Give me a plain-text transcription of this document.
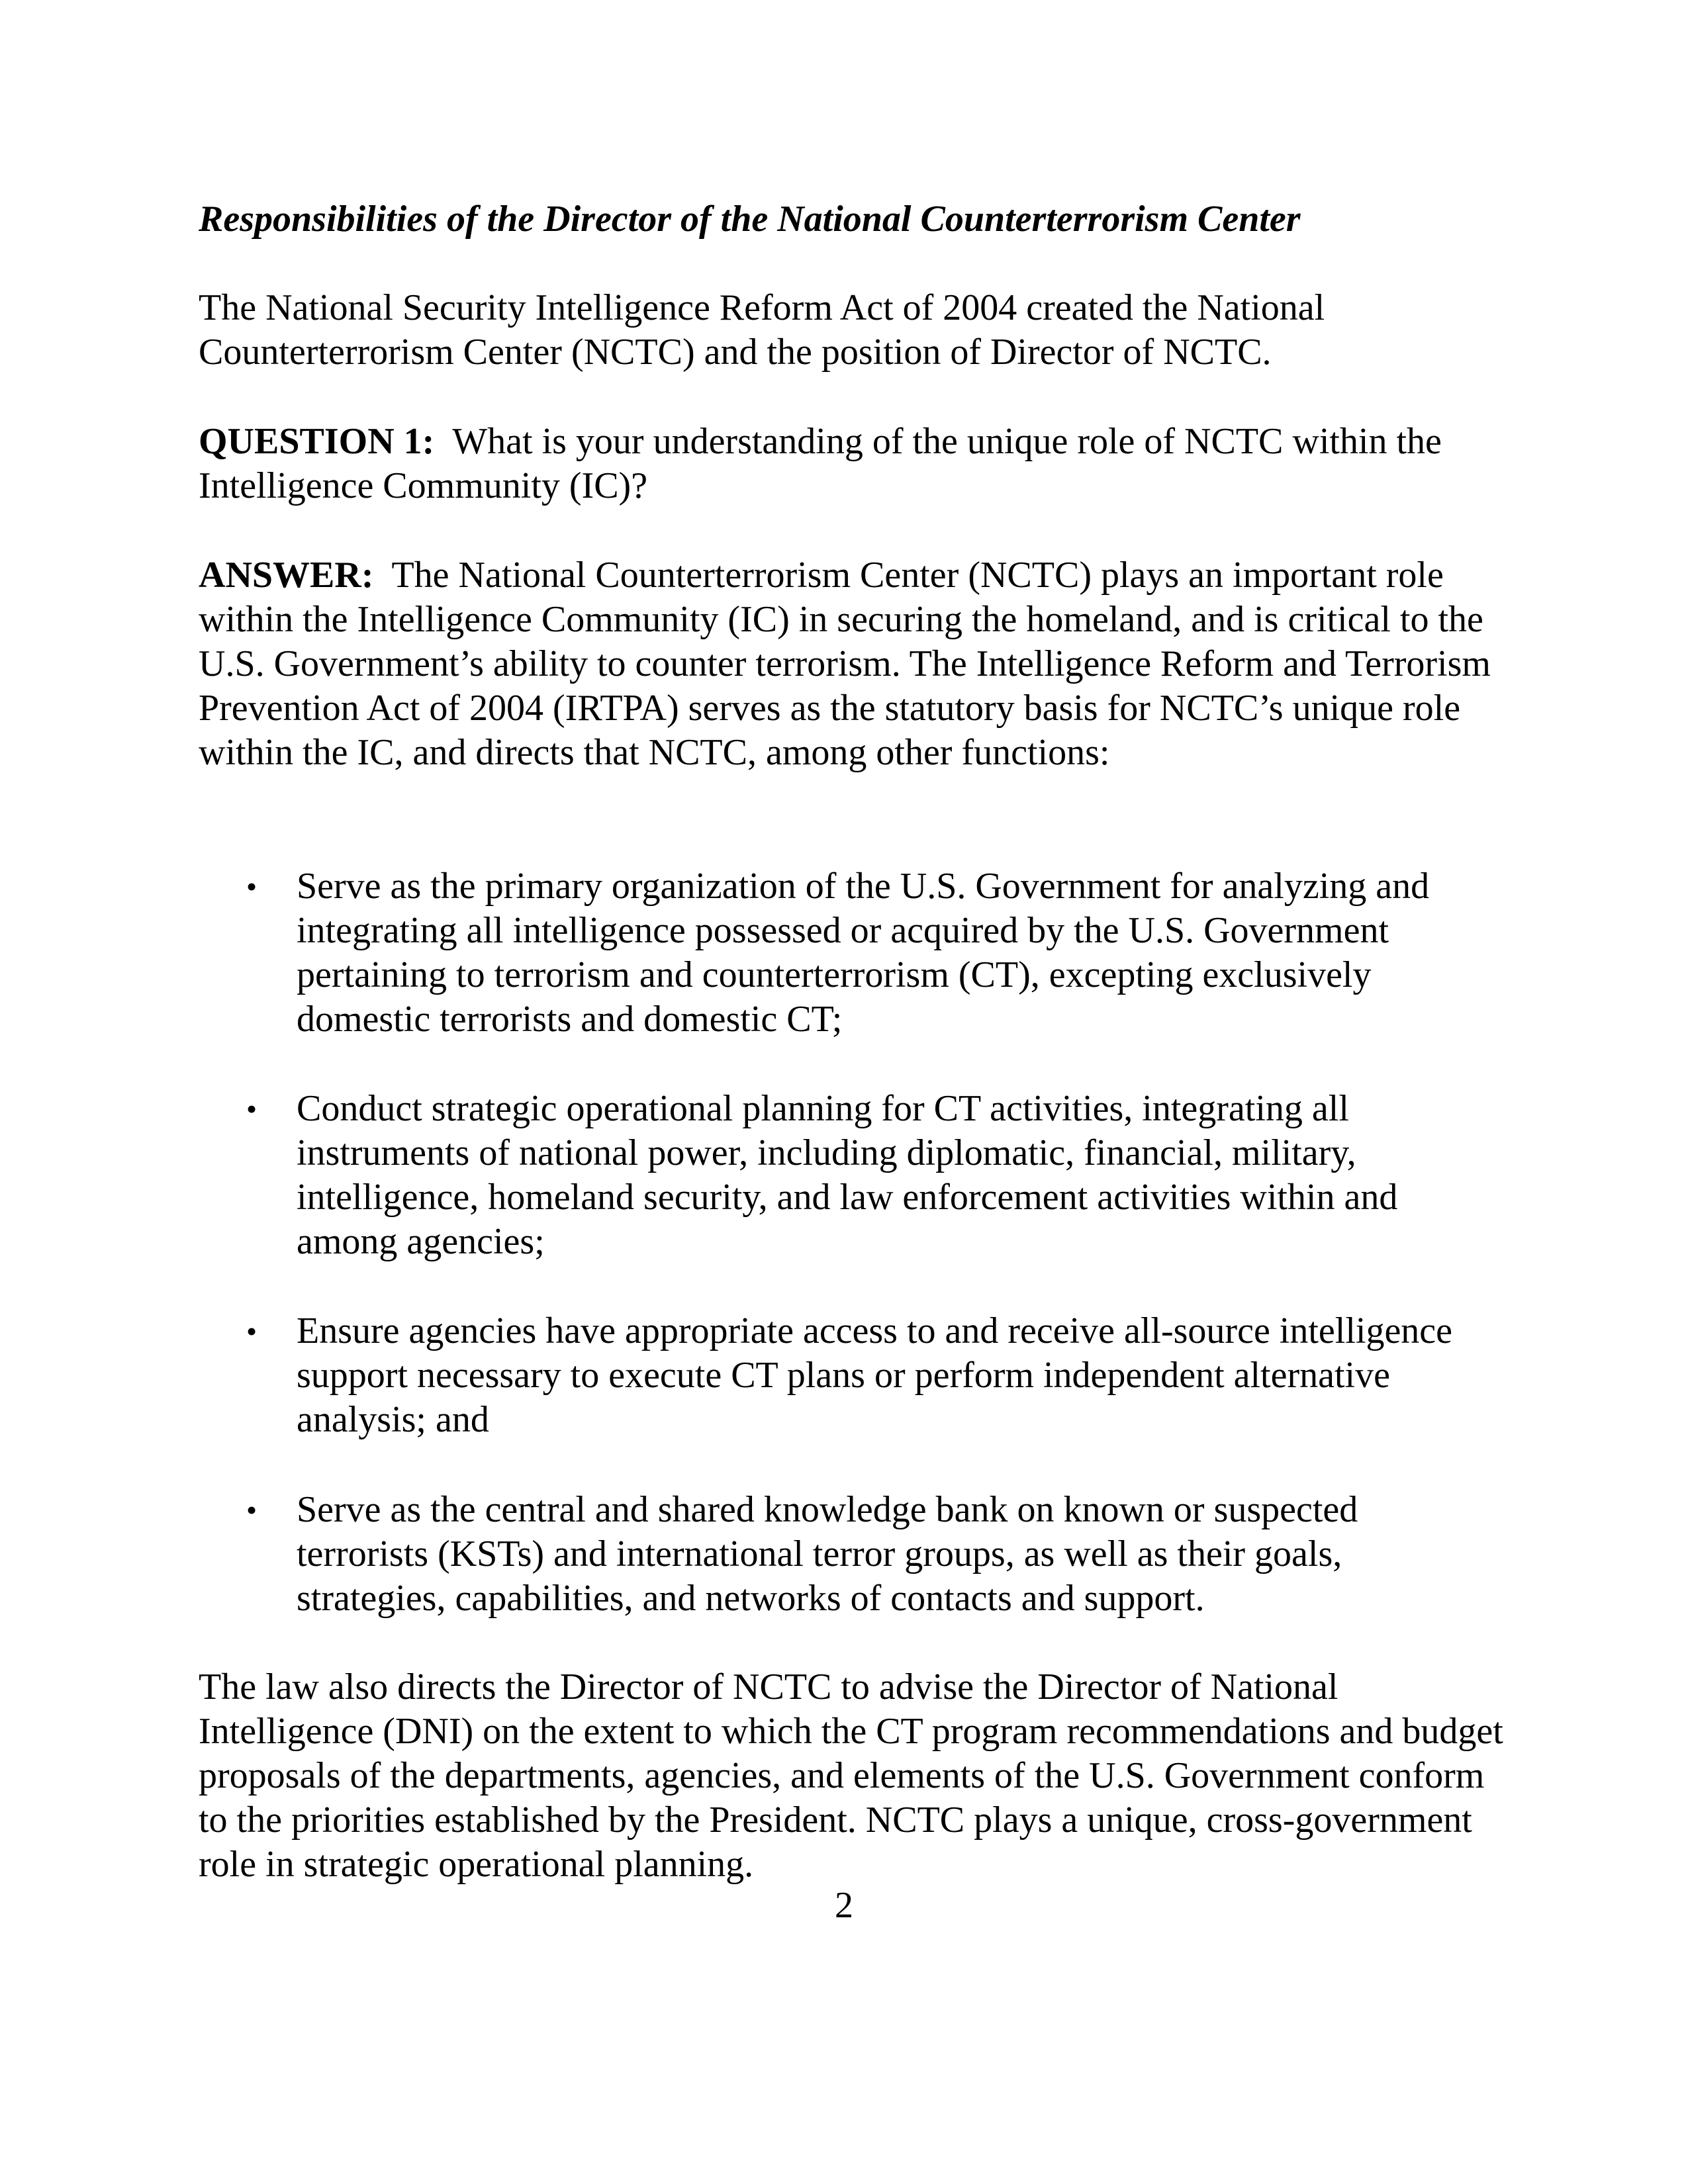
Responsibilities of the Director of the National Counterterrorism Center

The National Security Intelligence Reform Act of 2004 created the National Counterterrorism Center (NCTC) and the position of Director of NCTC.

QUESTION 1: What is your understanding of the unique role of NCTC within the Intelligence Community (IC)?

ANSWER: The National Counterterrorism Center (NCTC) plays an important role within the Intelligence Community (IC) in securing the homeland, and is critical to the U.S. Government’s ability to counter terrorism. The Intelligence Reform and Terrorism Prevention Act of 2004 (IRTPA) serves as the statutory basis for NCTC’s unique role within the IC, and directs that NCTC, among other functions:

• Serve as the primary organization of the U.S. Government for analyzing and integrating all intelligence possessed or acquired by the U.S. Government pertaining to terrorism and counterterrorism (CT), excepting exclusively domestic terrorists and domestic CT;
• Conduct strategic operational planning for CT activities, integrating all instruments of national power, including diplomatic, financial, military, intelligence, homeland security, and law enforcement activities within and among agencies;
• Ensure agencies have appropriate access to and receive all-source intelligence support necessary to execute CT plans or perform independent alternative analysis; and
• Serve as the central and shared knowledge bank on known or suspected terrorists (KSTs) and international terror groups, as well as their goals, strategies, capabilities, and networks of contacts and support.

The law also directs the Director of NCTC to advise the Director of National Intelligence (DNI) on the extent to which the CT program recommendations and budget proposals of the departments, agencies, and elements of the U.S. Government conform to the priorities established by the President. NCTC plays a unique, cross-government role in strategic operational planning.

2
